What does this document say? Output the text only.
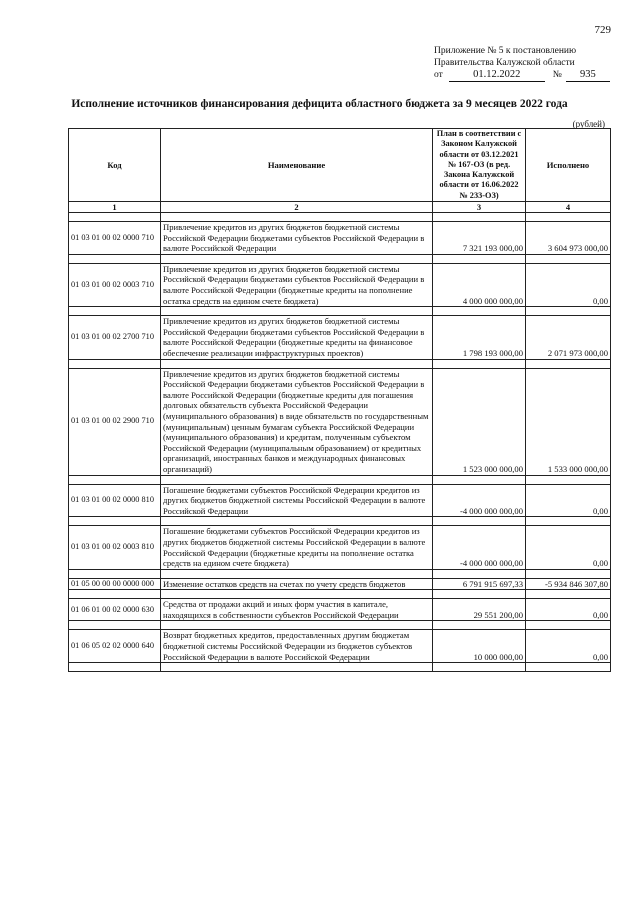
729
Приложение № 5 к постановлению
Правительства Калужской области
от	01.12.2022	№	935
Исполнение источников финансирования дефицита областного бюджета за 9 месяцев 2022 года
(рублей)
Код	Наименование	План в соответствии с Законом Калужской области от 03.12.2021 № 167-ОЗ (в ред. Закона Калужской области от 16.06.2022 № 233-ОЗ)	Исполнено
1	2	3	4

01 03 01 00 02 0000 710	Привлечение кредитов из других бюджетов бюджетной системы Российской Федерации бюджетами субъектов Российской Федерации в валюте Российской Федерации	7 321 193 000,00	3 604 973 000,00

01 03 01 00 02 0003 710	Привлечение кредитов из других бюджетов бюджетной системы Российской Федерации бюджетами субъектов Российской Федерации в валюте Российской Федерации (бюджетные кредиты на пополнение остатка средств на едином счете бюджета)	4 000 000 000,00	0,00

01 03 01 00 02 2700 710	Привлечение кредитов из других бюджетов бюджетной системы Российской Федерации бюджетами субъектов Российской Федерации в валюте Российской Федерации (бюджетные кредиты на финансовое обеспечение реализации инфраструктурных проектов)	1 798 193 000,00	2 071 973 000,00

01 03 01 00 02 2900 710	Привлечение кредитов из других бюджетов бюджетной системы Российской Федерации бюджетами субъектов Российской Федерации в валюте Российской Федерации (бюджетные кредиты для погашения долговых обязательств субъекта Российской Федерации (муниципального образования) в виде обязательств по государственным (муниципальным) ценным бумагам субъекта Российской Федерации (муниципального образования) и кредитам, полученным субъектом Российской Федерации (муниципальным образованием) от кредитных организаций, иностранных банков и международных финансовых организаций)	1 523 000 000,00	1 533 000 000,00

01 03 01 00 02 0000 810	Погашение бюджетами субъектов Российской Федерации кредитов из других бюджетов бюджетной системы Российской Федерации в валюте Российской Федерации	-4 000 000 000,00	0,00

01 03 01 00 02 0003 810	Погашение бюджетами субъектов Российской Федерации кредитов из других бюджетов бюджетной системы Российской Федерации в валюте Российской Федерации (бюджетные кредиты на пополнение остатка средств на едином счете бюджета)	-4 000 000 000,00	0,00

01 05 00 00 00 0000 000	Изменение остатков средств на счетах по учету средств бюджетов	6 791 915 697,33	-5 934 846 307,80

01 06 01 00 02 0000 630	Средства от продажи акций и иных форм участия в капитале, находящихся в собственности субъектов Российской Федерации	29 551 200,00	0,00

01 06 05 02 02 0000 640	Возврат бюджетных кредитов, предоставленных другим бюджетам бюджетной системы Российской Федерации из бюджетов субъектов Российской Федерации в валюте Российской Федерации	10 000 000,00	0,00
